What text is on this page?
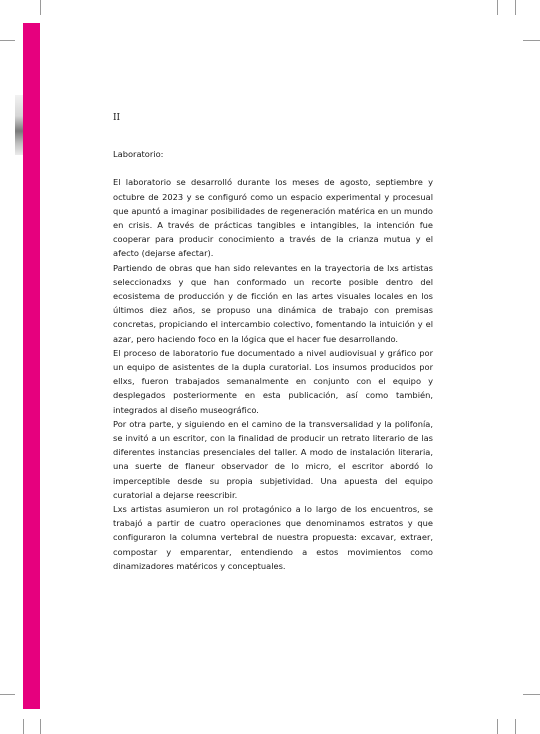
II

Laboratorio:

El laboratorio se desarrolló durante los meses de agosto, septiembre y octubre de 2023 y se configuró como un espacio experimental y procesual que apuntó a imaginar posibilidades de regeneración matérica en un mundo en crisis. A través de prácticas tangibles e intangibles, la intención fue cooperar para producir conocimiento a través de la crianza mutua y el afecto (dejarse afectar).

Partiendo de obras que han sido relevantes en la trayectoria de lxs artistas seleccionadxs y que han conformado un recorte posible dentro del ecosistema de producción y de ficción en las artes visuales locales en los últimos diez años, se propuso una dinámica de trabajo con premisas concretas, propiciando el intercambio colectivo, fomentando la intuición y el azar, pero haciendo foco en la lógica que el hacer fue desarrollando.

El proceso de laboratorio fue documentado a nivel audiovisual y gráfico por un equipo de asistentes de la dupla curatorial. Los insumos producidos por ellxs, fueron trabajados semanalmente en conjunto con el equipo y desplegados posteriormente en esta publicación, así como también, integrados al diseño museográfico.

Por otra parte, y siguiendo en el camino de la transversalidad y la polifonía, se invitó a un escritor, con la finalidad de producir un retrato literario de las diferentes instancias presenciales del taller. A modo de instalación literaria, una suerte de flaneur observador de lo micro, el escritor abordó lo imperceptible desde su propia subjetividad. Una apuesta del equipo curatorial a dejarse reescribir.

Lxs artistas asumieron un rol protagónico a lo largo de los encuentros, se trabajó a partir de cuatro operaciones que denominamos estratos y que configuraron la columna vertebral de nuestra propuesta: excavar, extraer, compostar y emparentar, entendiendo a estos movimientos como dinamizadores matéricos y conceptuales.
